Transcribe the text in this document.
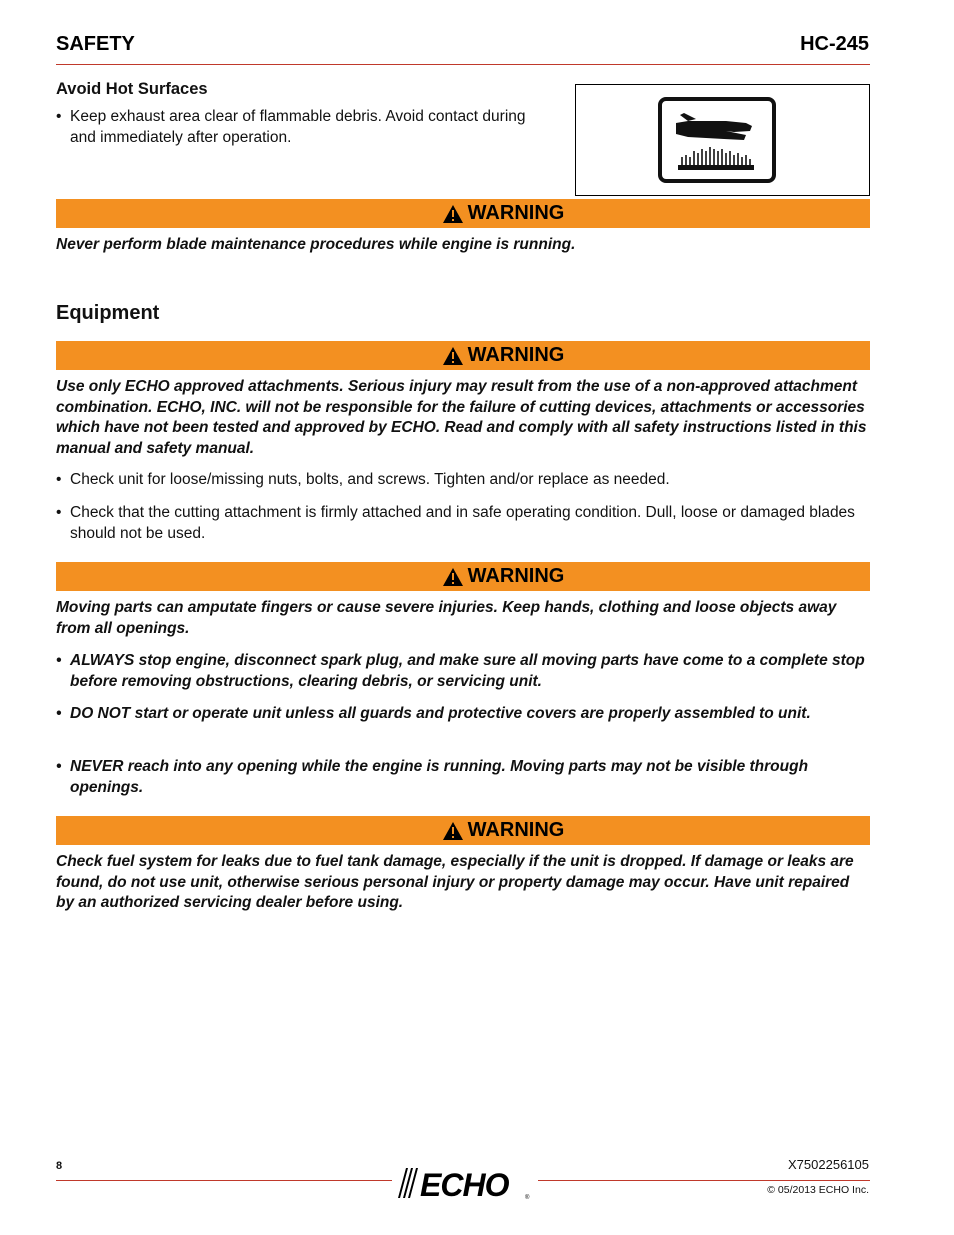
SAFETY	HC-245
Avoid Hot Surfaces
• Keep exhaust area clear of flammable debris. Avoid contact during and immediately after operation.
WARNING
Never perform blade maintenance procedures while engine is running.
Equipment
WARNING
Use only ECHO approved attachments. Serious injury may result from the use of a non-approved attachment combination. ECHO, INC. will not be responsible for the failure of cutting devices, attachments or accessories which have not been tested and approved by ECHO. Read and comply with all safety instructions listed in this manual and safety manual.
• Check unit for loose/missing nuts, bolts, and screws. Tighten and/or replace as needed.
• Check that the cutting attachment is firmly attached and in safe operating condition. Dull, loose or damaged blades should not be used.
WARNING
Moving parts can amputate fingers or cause severe injuries. Keep hands, clothing and loose objects away from all openings.
• ALWAYS stop engine, disconnect spark plug, and make sure all moving parts have come to a complete stop before removing obstructions, clearing debris, or servicing unit.
• DO NOT start or operate unit unless all guards and protective covers are properly assembled to unit.
• NEVER reach into any opening while the engine is running. Moving parts may not be visible through openings.
WARNING
Check fuel system for leaks due to fuel tank damage, especially if the unit is dropped. If damage or leaks are found, do not use unit, otherwise serious personal injury or property damage may occur. Have unit repaired by an authorized servicing dealer before using.
8
ECHO	®
X7502256105
© 05/2013 ECHO Inc.
